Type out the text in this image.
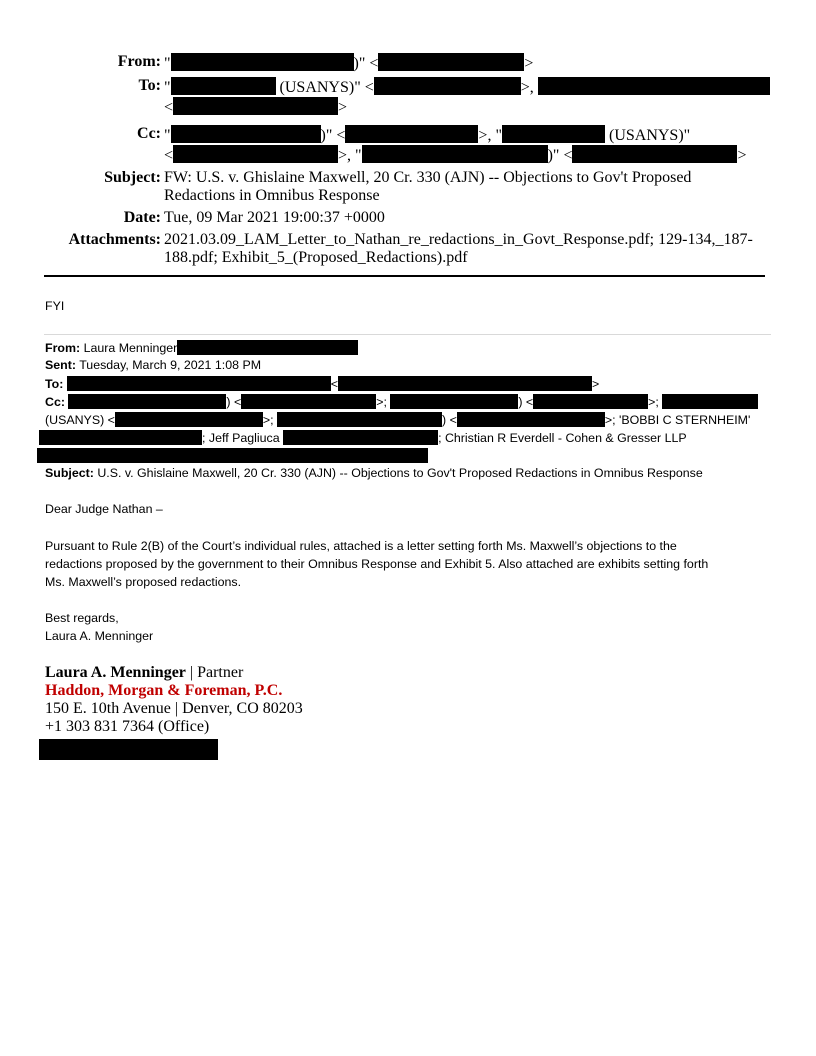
From: "	)" <	>
To: "	(USANYS)" <	>,
<	>
Cc: "	)" <	>, "	(USANYS)"
<	>, "	)" <	>
Subject: FW: U.S. v. Ghislaine Maxwell, 20 Cr. 330 (AJN) -- Objections to Gov't Proposed
Redactions in Omnibus Response
Date: Tue, 09 Mar 2021 19:00:37 +0000
Attachments: 2021.03.09_LAM_Letter_to_Nathan_re_redactions_in_Govt_Response.pdf; 129-134,_187-
188.pdf; Exhibit_5_(Proposed_Redactions).pdf
FYI
From: Laura Menninger
Sent: Tuesday, March 9, 2021 1:08 PM
To:	<	>
Cc:	) <	>;	) <	>;
(USANYS) <	>;	) <	>; 'BOBBI C STERNHEIM'
; Jeff Pagliuca	; Christian R Everdell - Cohen & Gresser LLP
Subject: U.S. v. Ghislaine Maxwell, 20 Cr. 330 (AJN) -- Objections to Gov't Proposed Redactions in Omnibus Response
Dear Judge Nathan –
Pursuant to Rule 2(B) of the Court’s individual rules, attached is a letter setting forth Ms. Maxwell’s objections to the
redactions proposed by the government to their Omnibus Response and Exhibit 5. Also attached are exhibits setting forth
Ms. Maxwell’s proposed redactions.
Best regards,
Laura A. Menninger
Laura A. Menninger | Partner
Haddon, Morgan & Foreman, P.C.
150 E. 10th Avenue | Denver, CO 80203
+1 303 831 7364 (Office)
